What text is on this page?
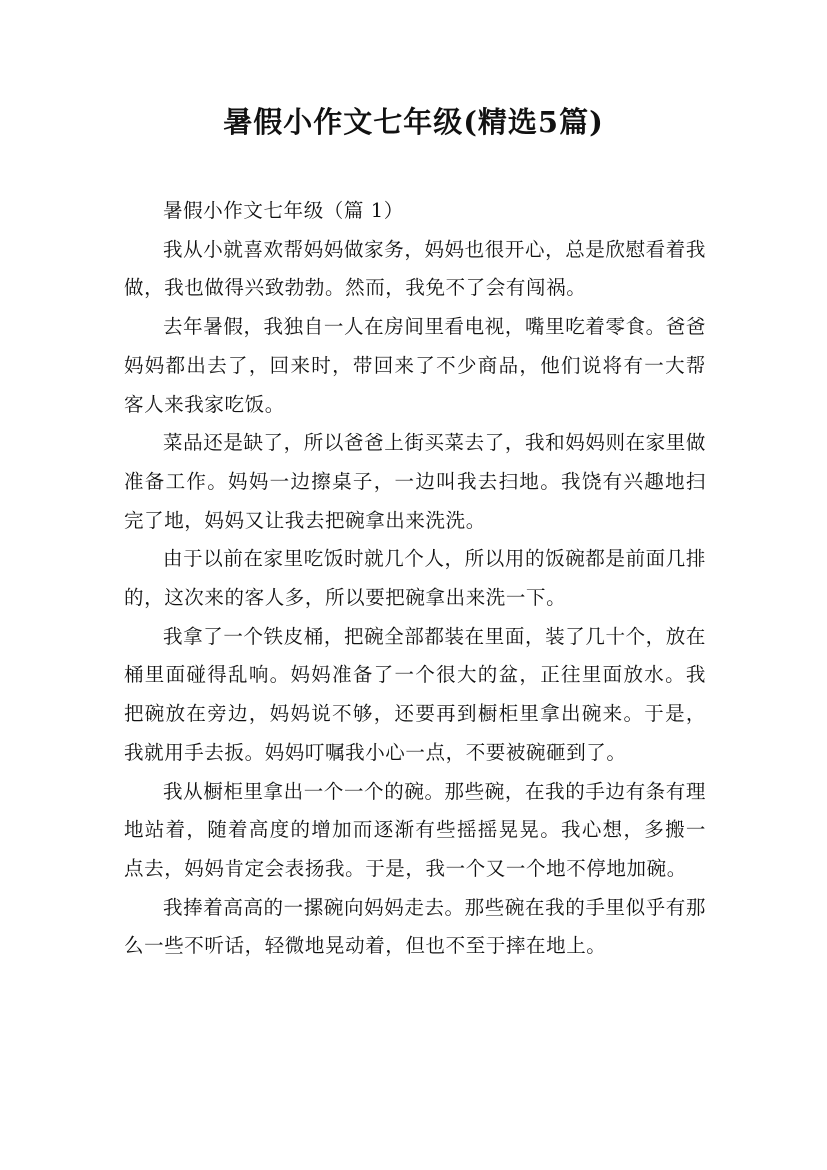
暑假小作文七年级(精选5篇)

暑假小作文七年级（篇 1）

我从小就喜欢帮妈妈做家务，妈妈也很开心，总是欣慰看着我做，我也做得兴致勃勃。然而，我免不了会有闯祸。

去年暑假，我独自一人在房间里看电视，嘴里吃着零食。爸爸妈妈都出去了，回来时，带回来了不少商品，他们说将有一大帮客人来我家吃饭。

菜品还是缺了，所以爸爸上街买菜去了，我和妈妈则在家里做准备工作。妈妈一边擦桌子，一边叫我去扫地。我饶有兴趣地扫完了地，妈妈又让我去把碗拿出来洗洗。

由于以前在家里吃饭时就几个人，所以用的饭碗都是前面几排的，这次来的客人多，所以要把碗拿出来洗一下。

我拿了一个铁皮桶，把碗全部都装在里面，装了几十个，放在桶里面碰得乱响。妈妈准备了一个很大的盆，正往里面放水。我把碗放在旁边，妈妈说不够，还要再到橱柜里拿出碗来。于是，我就用手去扳。妈妈叮嘱我小心一点，不要被碗砸到了。

我从橱柜里拿出一个一个的碗。那些碗，在我的手边有条有理地站着，随着高度的增加而逐渐有些摇摇晃晃。我心想，多搬一点去，妈妈肯定会表扬我。于是，我一个又一个地不停地加碗。

我捧着高高的一摞碗向妈妈走去。那些碗在我的手里似乎有那么一些不听话，轻微地晃动着，但也不至于摔在地上。
